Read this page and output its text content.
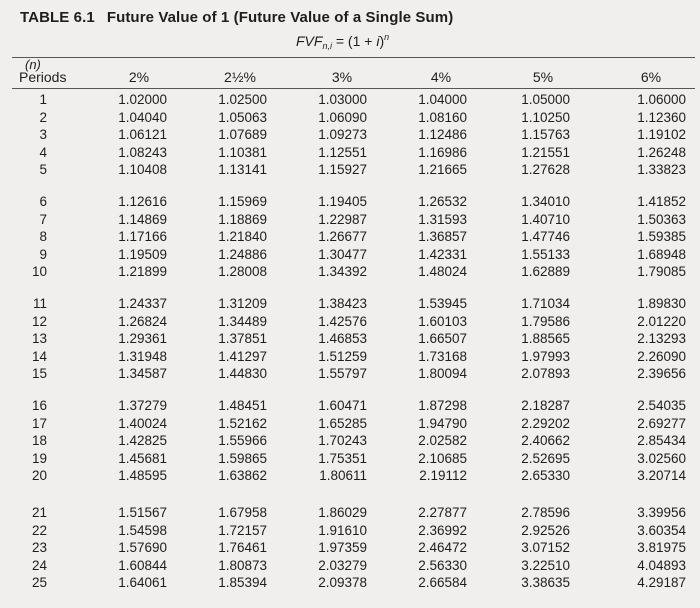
TABLE 6.1 Future Value of 1 (Future Value of a Single Sum)
$FVF_{n,i} = (1 + i)^n$
(n)
Periods	2%	2½%	3%	4%	5%	6%
1	1.02000	1.02500	1.03000	1.04000	1.05000	1.06000
2	1.04040	1.05063	1.06090	1.08160	1.10250	1.12360
3	1.06121	1.07689	1.09273	1.12486	1.15763	1.19102
4	1.08243	1.10381	1.12551	1.16986	1.21551	1.26248
5	1.10408	1.13141	1.15927	1.21665	1.27628	1.33823
6	1.12616	1.15969	1.19405	1.26532	1.34010	1.41852
7	1.14869	1.18869	1.22987	1.31593	1.40710	1.50363
8	1.17166	1.21840	1.26677	1.36857	1.47746	1.59385
9	1.19509	1.24886	1.30477	1.42331	1.55133	1.68948
10	1.21899	1.28008	1.34392	1.48024	1.62889	1.79085
11	1.24337	1.31209	1.38423	1.53945	1.71034	1.89830
12	1.26824	1.34489	1.42576	1.60103	1.79586	2.01220
13	1.29361	1.37851	1.46853	1.66507	1.88565	2.13293
14	1.31948	1.41297	1.51259	1.73168	1.97993	2.26090
15	1.34587	1.44830	1.55797	1.80094	2.07893	2.39656
16	1.37279	1.48451	1.60471	1.87298	2.18287	2.54035
17	1.40024	1.52162	1.65285	1.94790	2.29202	2.69277
18	1.42825	1.55966	1.70243	2.02582	2.40662	2.85434
19	1.45681	1.59865	1.75351	2.10685	2.52695	3.02560
20	1.48595	1.63862	1.80611	2.19112	2.65330	3.20714
21	1.51567	1.67958	1.86029	2.27877	2.78596	3.39956
22	1.54598	1.72157	1.91610	2.36992	2.92526	3.60354
23	1.57690	1.76461	1.97359	2.46472	3.07152	3.81975
24	1.60844	1.80873	2.03279	2.56330	3.22510	4.04893
25	1.64061	1.85394	2.09378	2.66584	3.38635	4.29187
